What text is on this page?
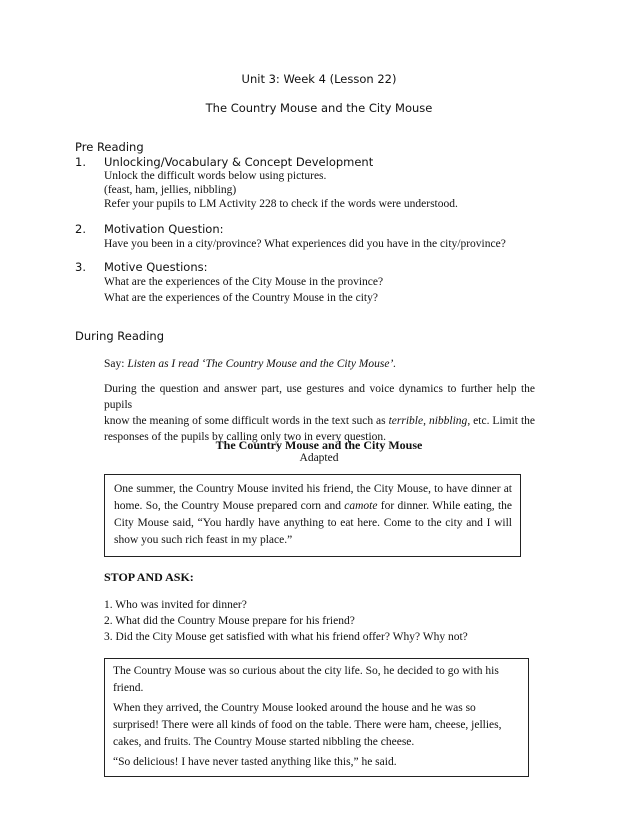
Unit 3: Week 4 (Lesson 22)
The Country Mouse and the City Mouse
Pre Reading
1. Unlocking/Vocabulary & Concept Development
Unlock the difficult words below using pictures.
(feast, ham, jellies, nibbling)
Refer your pupils to LM Activity 228 to check if the words were understood.
2. Motivation Question:
Have you been in a city/province? What experiences did you have in the city/province?
3. Motive Questions:
What are the experiences of the City Mouse in the province?
What are the experiences of the Country Mouse in the city?
During Reading
Say: Listen as I read ‘The Country Mouse and the City Mouse’.
During the question and answer part, use gestures and voice dynamics to further help the pupils
know the meaning of some difficult words in the text such as terrible, nibbling, etc. Limit the
responses of the pupils by calling only two in every question.
The Country Mouse and the City Mouse
Adapted

One summer, the Country Mouse invited his friend, the City Mouse, to have dinner at

home. So, the Country Mouse prepared corn and camote for dinner. While eating, the

City Mouse said, “You hardly have anything to eat here. Come to the city and I will

show you such rich feast in my place.”

STOP AND ASK:
1. Who was invited for dinner?
2. What did the Country Mouse prepare for his friend?
3. Did the City Mouse get satisfied with what his friend offer? Why? Why not?

The Country Mouse was so curious about the city life. So, he decided to go with his

friend.

When they arrived, the Country Mouse looked around the house and he was so

surprised! There were all kinds of food on the table. There were ham, cheese, jellies,

cakes, and fruits. The Country Mouse started nibbling the cheese.

“So delicious! I have never tasted anything like this,” he said.
